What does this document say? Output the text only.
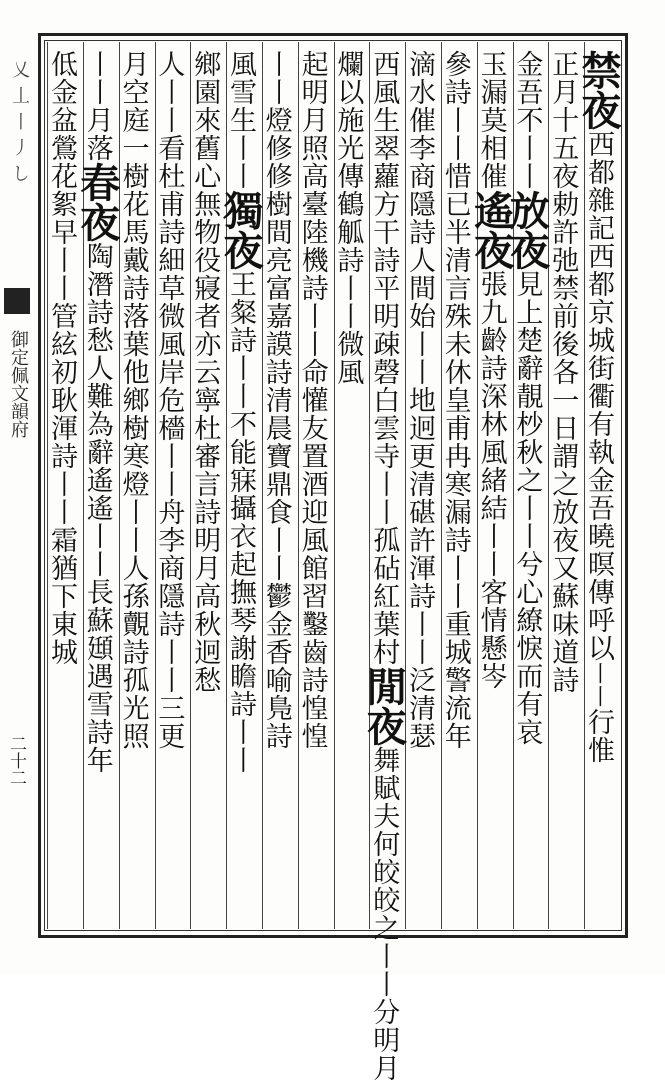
乂丄丨丿し
御定佩文韻府
二十二
禁夜西都雜記西都京城街衢有執金吾曉暝傳呼以丨丨行惟
正月十五夜勅許弛禁前後各一日謂之放夜又蘇味道詩
金吾不丨丨放夜見上楚辭靚杪秋之丨丨兮心繚悷而有哀
玉漏莫相催遙夜張九齡詩深林風緒結丨丨客情懸岑
參詩丨丨惜已半清言殊未休皇甫冉寒漏詩丨丨重城警流年
滴水催李商隱詩人間始丨丨地迥更清碪許渾詩丨丨泛清瑟
西風生翠蘿方干詩平明疎磬白雲寺丨丨孤砧紅葉村閒夜舞賦夫何皎皎之丨丨分明月
爛以施光傳鶴觚詩丨丨微風
起明月照高臺陸機詩丨丨命懽友置酒迎風館習鑿齒詩惶惶
丨丨燈修修樹間亮富嘉謨詩清晨寶鼎食丨丨鬱金香喻鳬詩
風雪生丨丨獨夜王粲詩丨丨不能寐攝衣起撫琴謝瞻詩丨丨
鄉園來舊心無物役寢者亦云寧杜審言詩明月高秋迥愁
人丨丨看杜甫詩細草微風岸危檣丨丨舟李商隱詩丨丨三更
月空庭一樹花馬戴詩落葉他鄉樹寒燈丨丨人孫覿詩孤光照
丨丨月落春夜陶潛詩愁人難為辭遙遙丨丨長蘇頲遇雪詩年
低金盆鶯花絮早丨丨管絃初耿渾詩丨丨霜猶下東城
